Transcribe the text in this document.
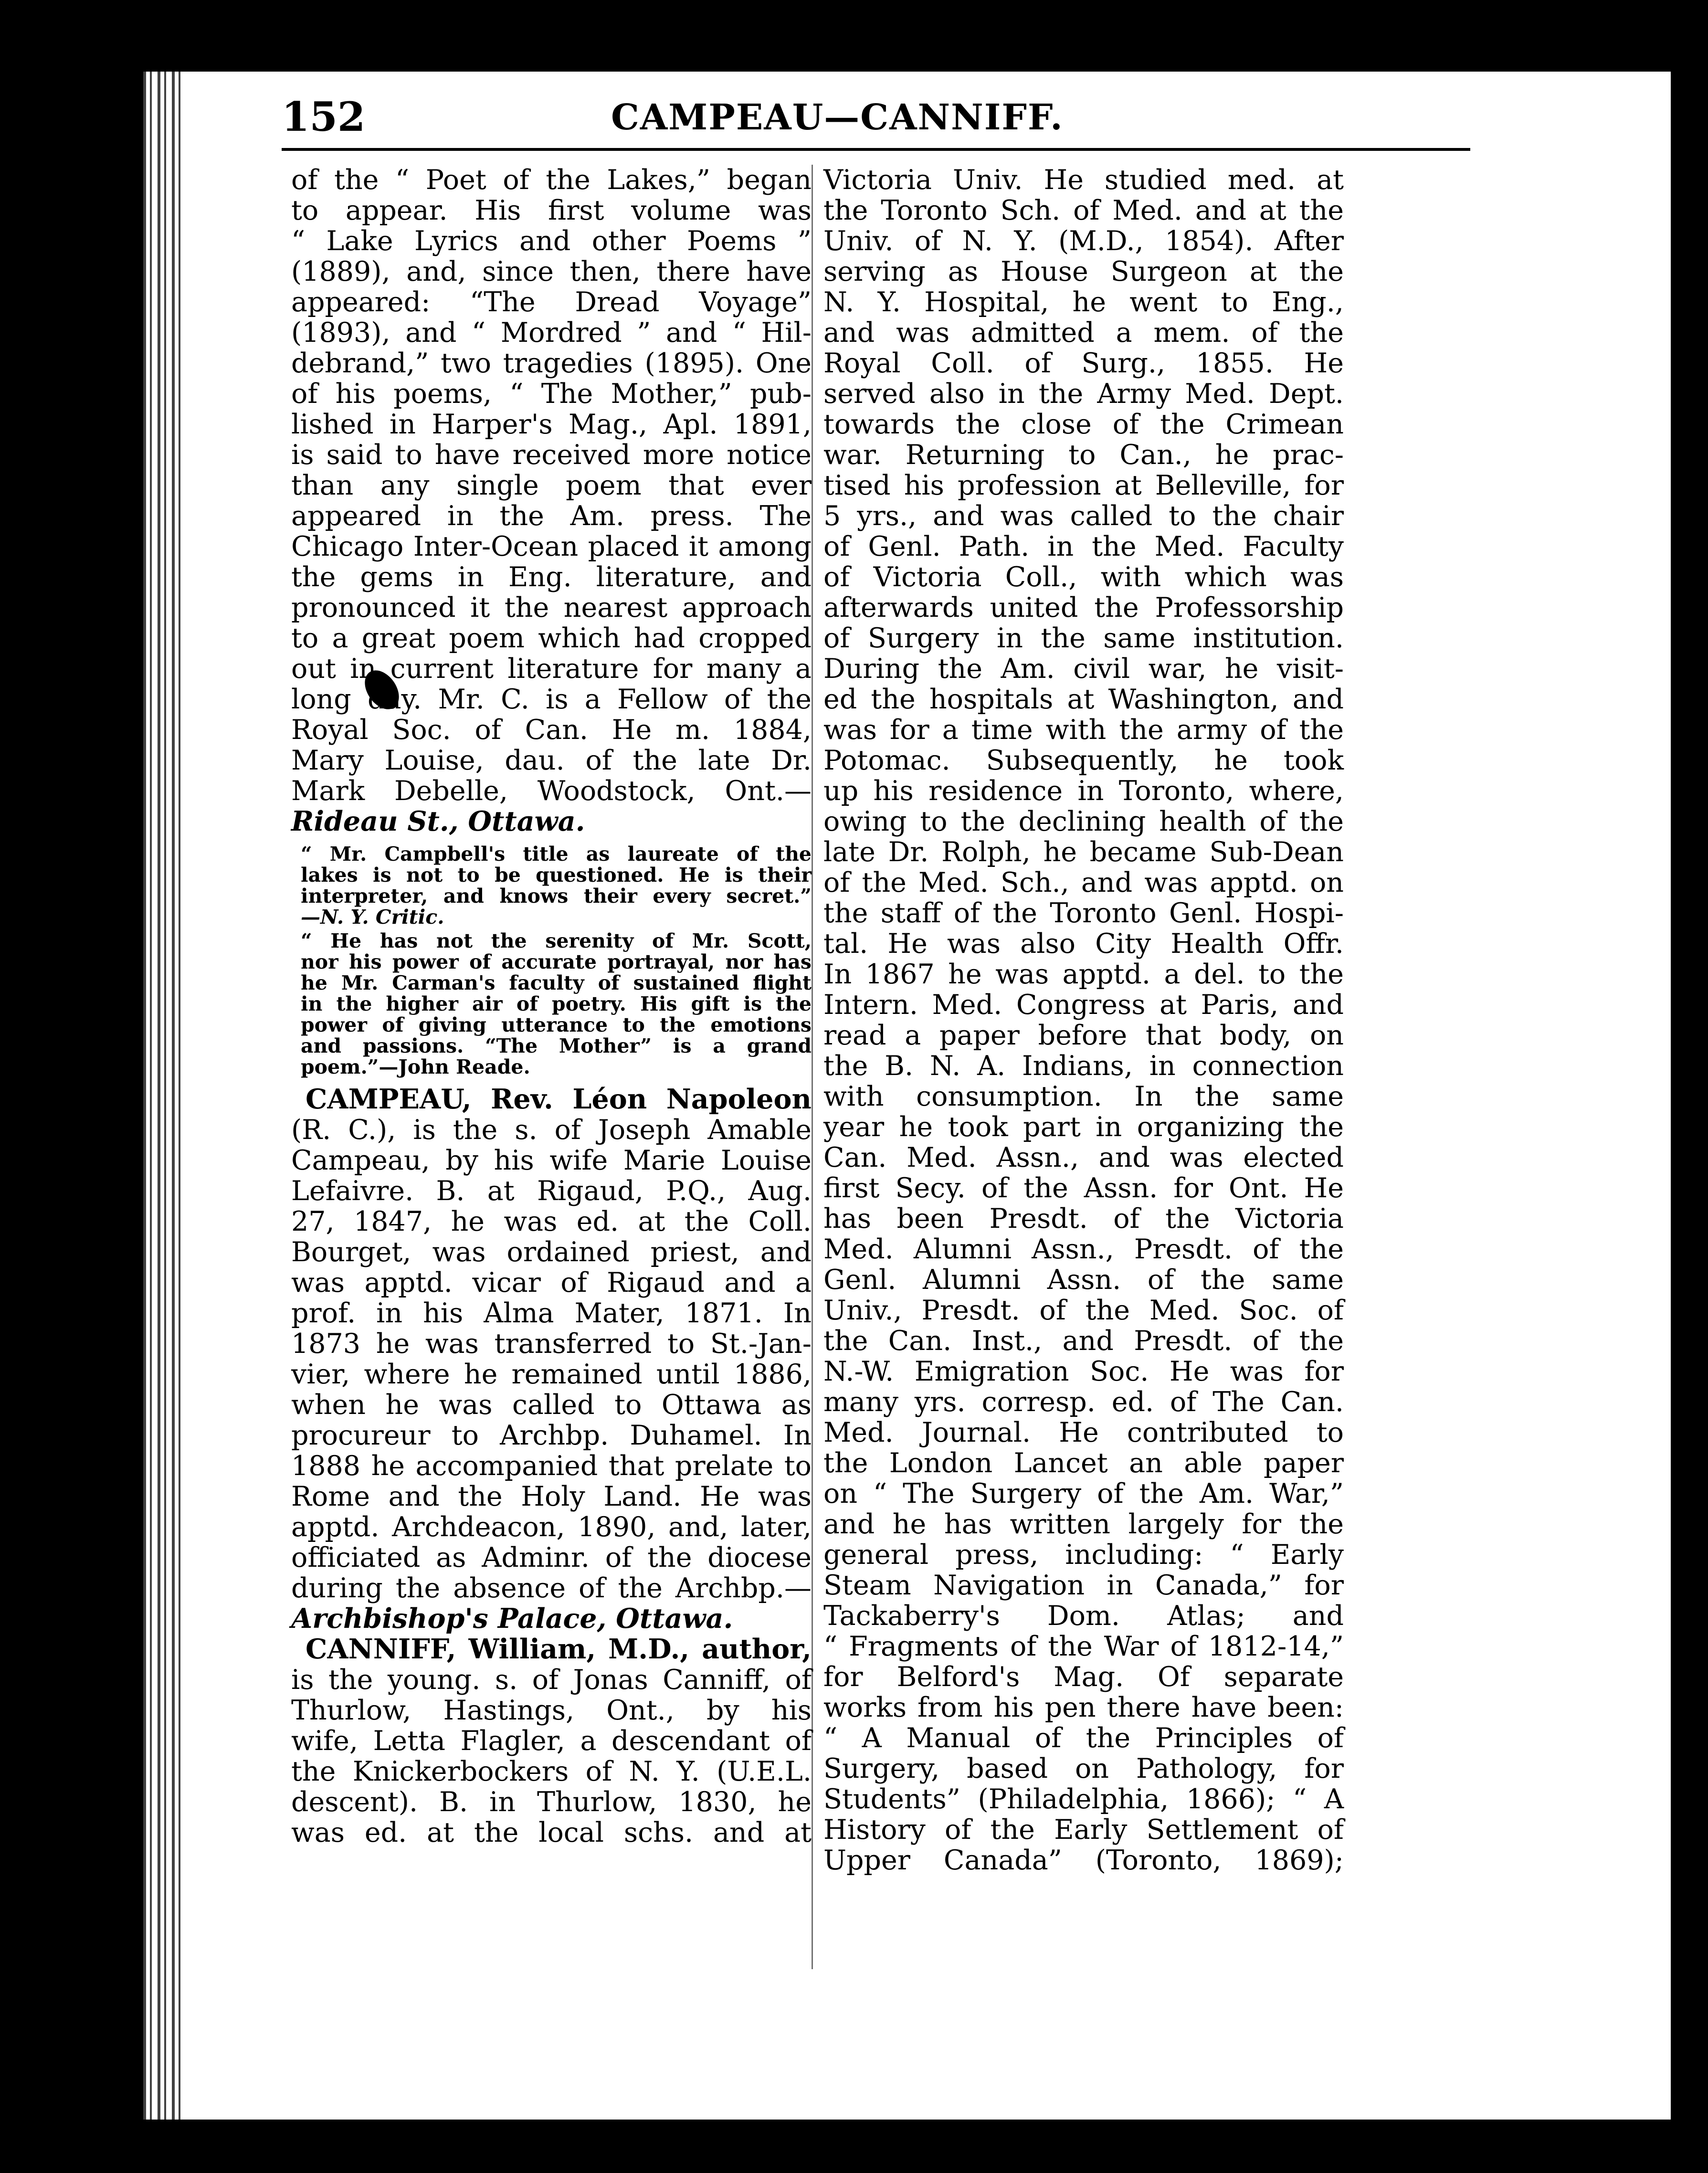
152	CAMPEAU—CANNIFF.
of the “ Poet of the Lakes,” began
to appear. His first volume was
“ Lake Lyrics and other Poems ”
(1889), and, since then, there have
appeared: “The Dread Voyage”
(1893), and “ Mordred ” and “ Hil-
debrand,” two tragedies (1895). One
of his poems, “ The Mother,” pub-
lished in Harper's Mag., Apl. 1891,
is said to have received more notice
than any single poem that ever
appeared in the Am. press. The
Chicago Inter-Ocean placed it among
the gems in Eng. literature, and
pronounced it the nearest approach
to a great poem which had cropped
out in current literature for many a
long day. Mr. C. is a Fellow of the
Royal Soc. of Can. He m. 1884,
Mary Louise, dau. of the late Dr.
Mark Debelle, Woodstock, Ont.—
Rideau St., Ottawa.
“ Mr. Campbell's title as laureate of the
lakes is not to be questioned. He is their
interpreter, and knows their every secret.”
—N. Y. Critic.
“ He has not the serenity of Mr. Scott,
nor his power of accurate portrayal, nor has
he Mr. Carman's faculty of sustained flight
in the higher air of poetry. His gift is the
power of giving utterance to the emotions
and passions. “The Mother” is a grand
poem.”—John Reade.
CAMPEAU, Rev. Léon Napoleon
(R. C.), is the s. of Joseph Amable
Campeau, by his wife Marie Louise
Lefaivre. B. at Rigaud, P.Q., Aug.
27, 1847, he was ed. at the Coll.
Bourget, was ordained priest, and
was apptd. vicar of Rigaud and a
prof. in his Alma Mater, 1871. In
1873 he was transferred to St.-Jan-
vier, where he remained until 1886,
when he was called to Ottawa as
procureur to Archbp. Duhamel. In
1888 he accompanied that prelate to
Rome and the Holy Land. He was
apptd. Archdeacon, 1890, and, later,
officiated as Adminr. of the diocese
during the absence of the Archbp.—
Archbishop's Palace, Ottawa.
CANNIFF, William, M.D., author,
is the young. s. of Jonas Canniff, of
Thurlow, Hastings, Ont., by his
wife, Letta Flagler, a descendant of
the Knickerbockers of N. Y. (U.E.L.
descent). B. in Thurlow, 1830, he
was ed. at the local schs. and at
Victoria Univ. He studied med. at
the Toronto Sch. of Med. and at the
Univ. of N. Y. (M.D., 1854). After
serving as House Surgeon at the
N. Y. Hospital, he went to Eng.,
and was admitted a mem. of the
Royal Coll. of Surg., 1855. He
served also in the Army Med. Dept.
towards the close of the Crimean
war. Returning to Can., he prac-
tised his profession at Belleville, for
5 yrs., and was called to the chair
of Genl. Path. in the Med. Faculty
of Victoria Coll., with which was
afterwards united the Professorship
of Surgery in the same institution.
During the Am. civil war, he visit-
ed the hospitals at Washington, and
was for a time with the army of the
Potomac. Subsequently, he took
up his residence in Toronto, where,
owing to the declining health of the
late Dr. Rolph, he became Sub-Dean
of the Med. Sch., and was apptd. on
the staff of the Toronto Genl. Hospi-
tal. He was also City Health Offr.
In 1867 he was apptd. a del. to the
Intern. Med. Congress at Paris, and
read a paper before that body, on
the B. N. A. Indians, in connection
with consumption. In the same
year he took part in organizing the
Can. Med. Assn., and was elected
first Secy. of the Assn. for Ont. He
has been Presdt. of the Victoria
Med. Alumni Assn., Presdt. of the
Genl. Alumni Assn. of the same
Univ., Presdt. of the Med. Soc. of
the Can. Inst., and Presdt. of the
N.-W. Emigration Soc. He was for
many yrs. corresp. ed. of The Can.
Med. Journal. He contributed to
the London Lancet an able paper
on “ The Surgery of the Am. War,”
and he has written largely for the
general press, including: “ Early
Steam Navigation in Canada,” for
Tackaberry's Dom. Atlas; and
“ Fragments of the War of 1812-14,”
for Belford's Mag. Of separate
works from his pen there have been:
“ A Manual of the Principles of
Surgery, based on Pathology, for
Students” (Philadelphia, 1866); “ A
History of the Early Settlement of
Upper Canada” (Toronto, 1869);
